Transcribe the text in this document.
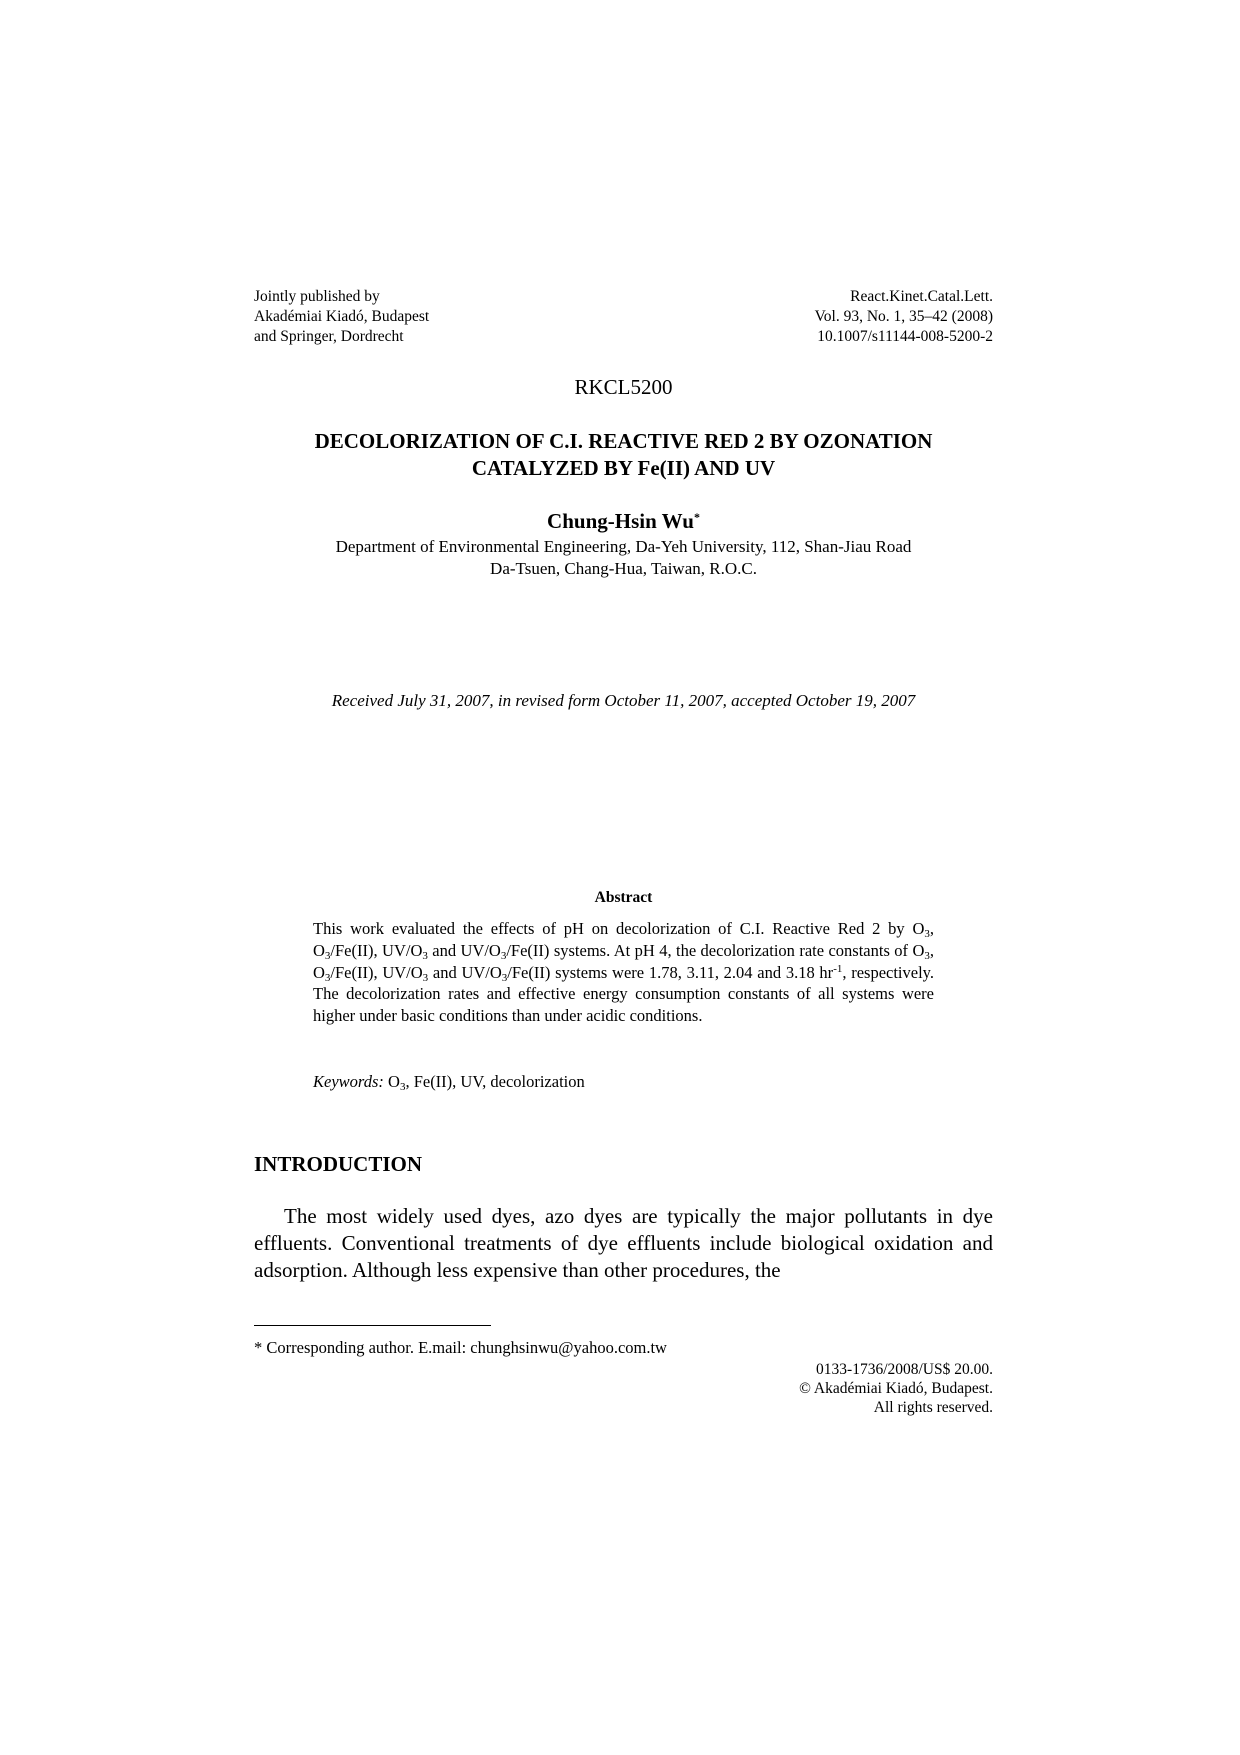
Jointly published by
Akadémiai Kiadó, Budapest
and Springer, Dordrecht
React.Kinet.Catal.Lett.
Vol. 93, No. 1, 35–42 (2008)
10.1007/s11144-008-5200-2
RKCL5200
DECOLORIZATION OF C.I. REACTIVE RED 2 BY OZONATION
CATALYZED BY Fe(II) AND UV
Chung-Hsin Wu*
Department of Environmental Engineering, Da-Yeh University, 112, Shan-Jiau Road
Da-Tsuen, Chang-Hua, Taiwan, R.O.C.
Received July 31, 2007, in revised form October 11, 2007, accepted October 19, 2007
Abstract
This work evaluated the effects of pH on decolorization of C.I. Reactive Red 2 by $O_3$, $O_3/Fe(II)$, $UV/O_3$ and $UV/O_3/Fe(II)$ systems. At pH 4, the decolorization rate constants of $O_3$, $O_3/Fe(II)$, $UV/O_3$ and $UV/O_3/Fe(II)$ systems were 1.78, 3.11, 2.04 and 3.18 $hr^{-1}$, respectively. The decolorization rates and effective energy consumption constants of all systems were higher under basic conditions than under acidic conditions.
Keywords: $O_3$, Fe(II), UV, decolorization
INTRODUCTION
The most widely used dyes, azo dyes are typically the major pollutants in dye effluents. Conventional treatments of dye effluents include biological oxidation and adsorption. Although less expensive than other procedures, the
* Corresponding author. E.mail: chunghsinwu@yahoo.com.tw
0133-1736/2008/US$ 20.00.
© Akadémiai Kiadó, Budapest.
All rights reserved.
